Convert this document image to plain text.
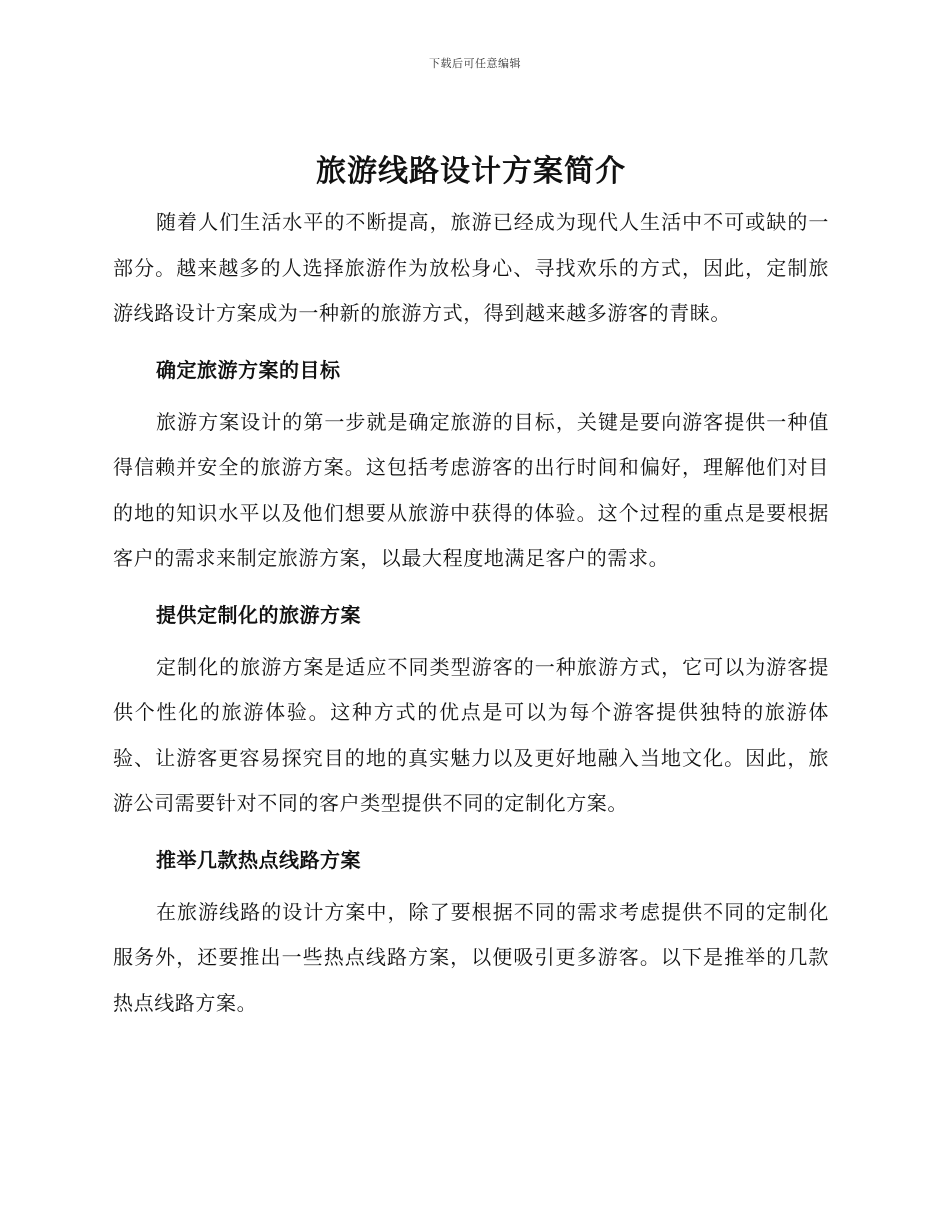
下载后可任意编辑
旅游线路设计方案简介

随着人们生活水平的不断提高，旅游已经成为现代人生活中不可或缺的一部分。越来越多的人选择旅游作为放松身心、寻找欢乐的方式，因此，定制旅游线路设计方案成为一种新的旅游方式，得到越来越多游客的青睐。

确定旅游方案的目标

旅游方案设计的第一步就是确定旅游的目标，关键是要向游客提供一种值得信赖并安全的旅游方案。这包括考虑游客的出行时间和偏好，理解他们对目的地的知识水平以及他们想要从旅游中获得的体验。这个过程的重点是要根据客户的需求来制定旅游方案，以最大程度地满足客户的需求。

提供定制化的旅游方案

定制化的旅游方案是适应不同类型游客的一种旅游方式，它可以为游客提供个性化的旅游体验。这种方式的优点是可以为每个游客提供独特的旅游体验、让游客更容易探究目的地的真实魅力以及更好地融入当地文化。因此，旅游公司需要针对不同的客户类型提供不同的定制化方案。

推举几款热点线路方案

在旅游线路的设计方案中，除了要根据不同的需求考虑提供不同的定制化服务外，还要推出一些热点线路方案，以便吸引更多游客。以下是推举的几款热点线路方案。
